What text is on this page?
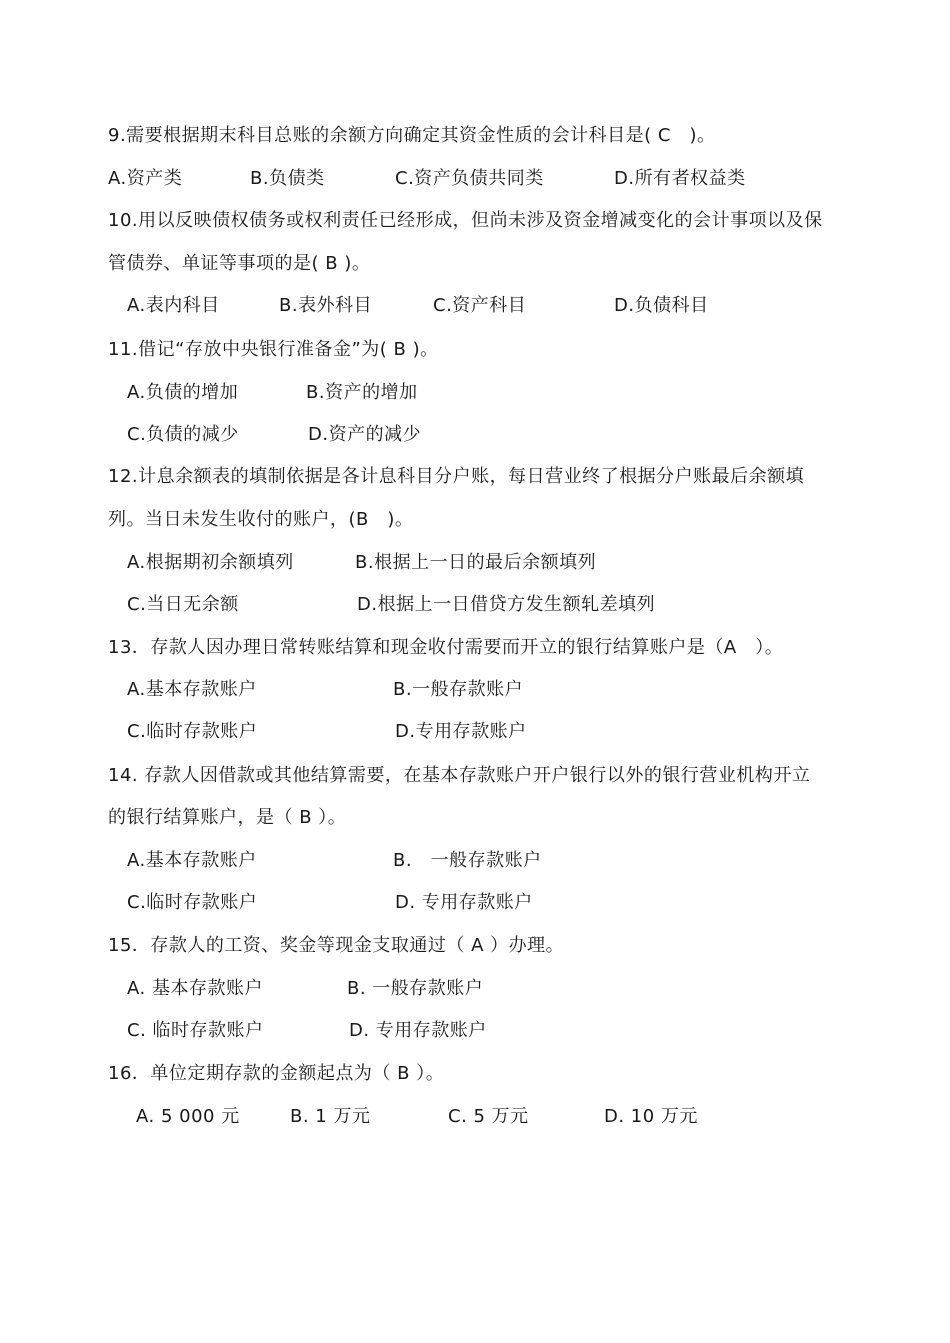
9.需要根据期末科目总账的余额方向确定其资金性质的会计科目是( C　)。
A.资产类	B.负债类	C.资产负债共同类	D.所有者权益类
10.用以反映债权债务或权利责任已经形成，但尚未涉及资金增减变化的会计事项以及保
管债券、单证等事项的是( B )。
A.表内科目	B.表外科目	C.资产科目	D.负债科目
11.借记“存放中央银行准备金”为( B )。
A.负债的增加	B.资产的增加
C.负债的减少	D.资产的减少
12.计息余额表的填制依据是各计息科目分户账，每日营业终了根据分户账最后余额填
列。当日未发生收付的账户，(B　)。
A.根据期初余额填列	B.根据上一日的最后余额填列
C.当日无余额	D.根据上一日借贷方发生额轧差填列
13．存款人因办理日常转账结算和现金收付需要而开立的银行结算账户是（A　）。
A.基本存款账户	B.一般存款账户
C.临时存款账户	D.专用存款账户
14. 存款人因借款或其他结算需要，在基本存款账户开户银行以外的银行营业机构开立
的银行结算账户，是（ B ）。
A.基本存款账户	B.　一般存款账户
C.临时存款账户	D. 专用存款账户
15．存款人的工资、奖金等现金支取通过（ A ）办理。
A. 基本存款账户	B. 一般存款账户
C. 临时存款账户	D. 专用存款账户
16．单位定期存款的金额起点为（ B ）。
A. 5 000 元	B. 1 万元	C. 5 万元	D. 10 万元
